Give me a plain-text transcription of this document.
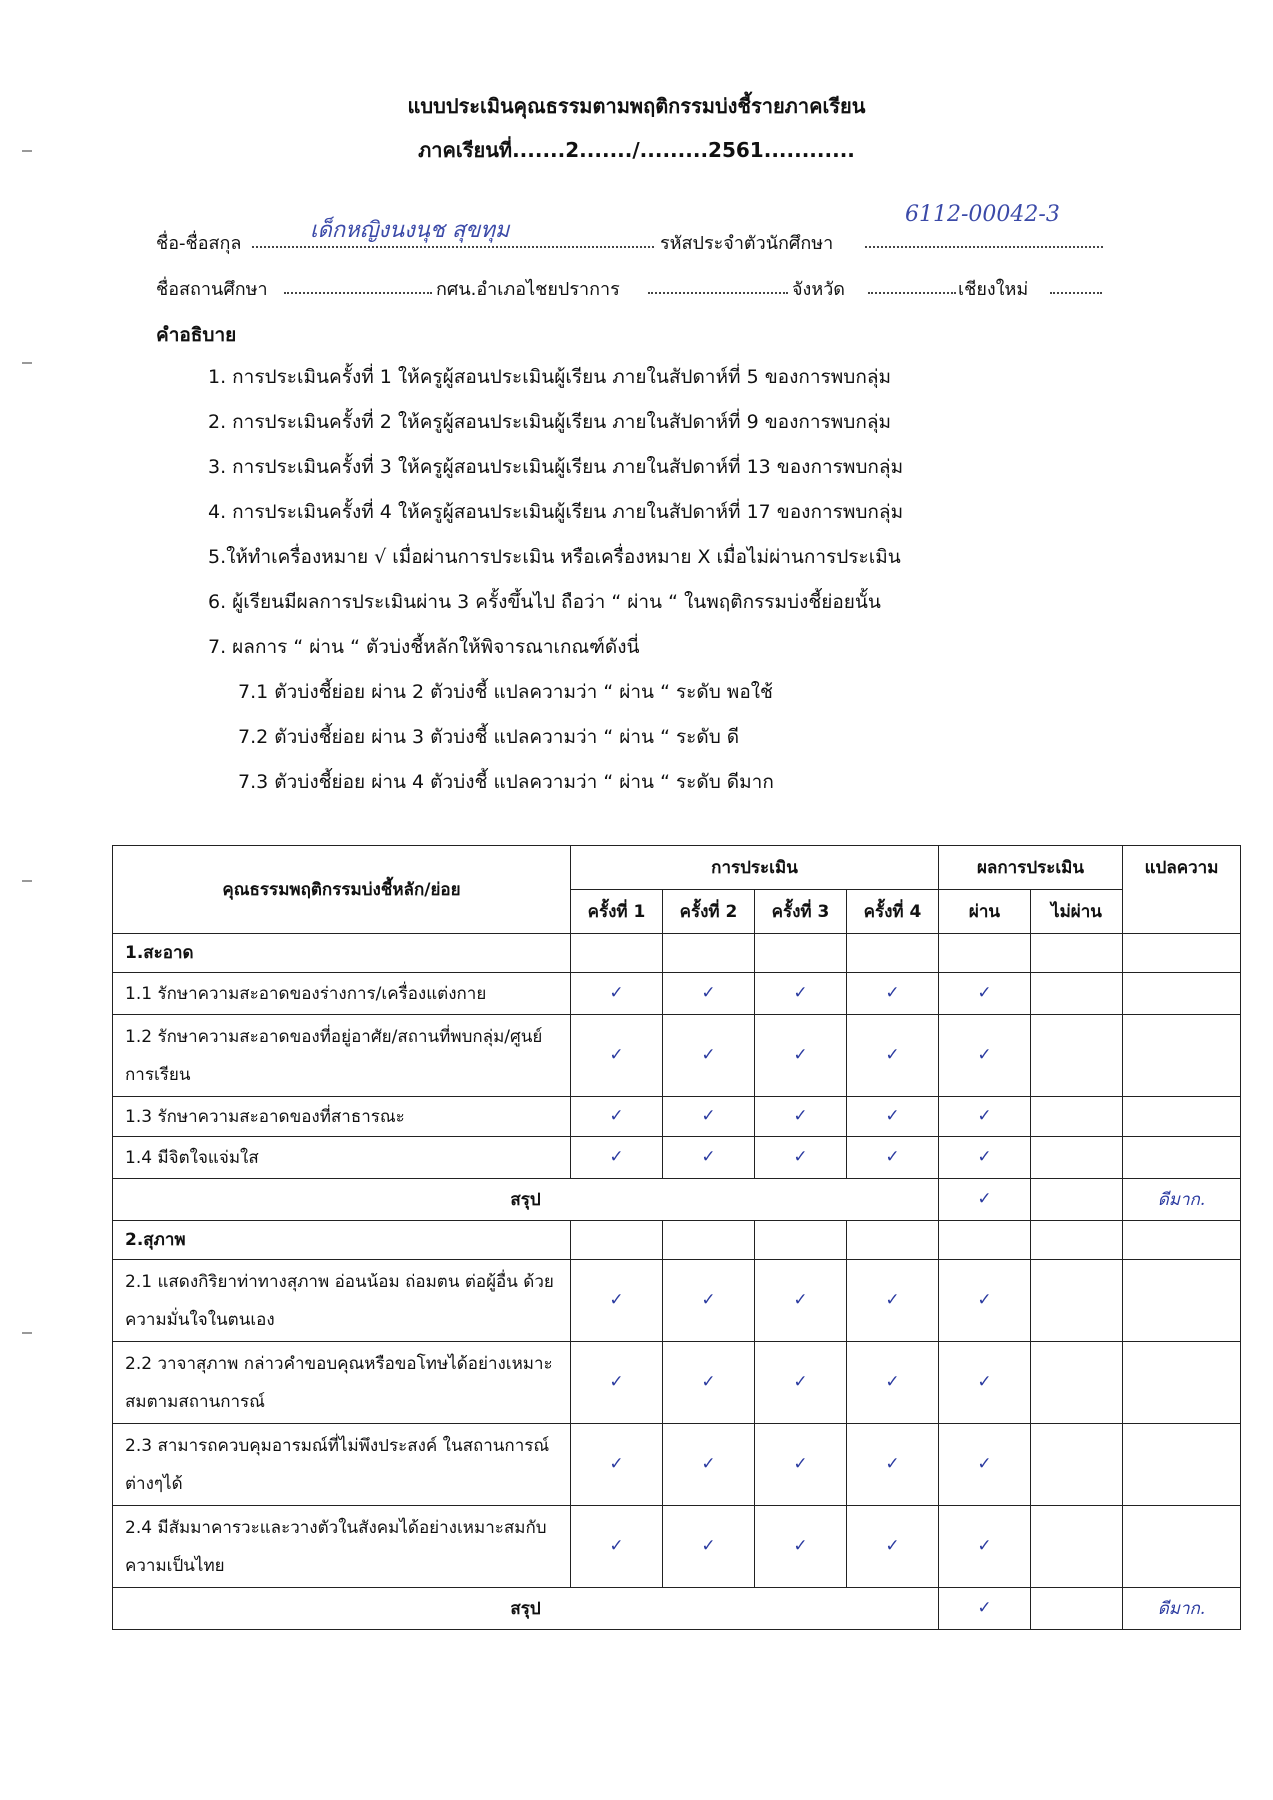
แบบประเมินคุณธรรมตามพฤติกรรมบ่งชี้รายภาคเรียน
ภาคเรียนที่.......2......./.........2561............
ชื่อ-ชื่อสกุล
เด็กหญิงนงนุช สุขทุม
รหัสประจำตัวนักศึกษา
6112-00042-3
ชื่อสถานศึกษา	กศน.อำเภอไชยปราการ	จังหวัด	เชียงใหม่
คำอธิบาย
1. การประเมินครั้งที่ 1 ให้ครูผู้สอนประเมินผู้เรียน ภายในสัปดาห์ที่ 5 ของการพบกลุ่ม
2. การประเมินครั้งที่ 2 ให้ครูผู้สอนประเมินผู้เรียน ภายในสัปดาห์ที่ 9 ของการพบกลุ่ม
3. การประเมินครั้งที่ 3 ให้ครูผู้สอนประเมินผู้เรียน ภายในสัปดาห์ที่ 13 ของการพบกลุ่ม
4. การประเมินครั้งที่ 4 ให้ครูผู้สอนประเมินผู้เรียน ภายในสัปดาห์ที่ 17 ของการพบกลุ่ม
5.ให้ทำเครื่องหมาย √ เมื่อผ่านการประเมิน หรือเครื่องหมาย X เมื่อไม่ผ่านการประเมิน
6. ผู้เรียนมีผลการประเมินผ่าน 3 ครั้งขึ้นไป ถือว่า “ ผ่าน “ ในพฤติกรรมบ่งชี้ย่อยนั้น
7. ผลการ “ ผ่าน “ ตัวบ่งชี้หลักให้พิจารณาเกณฑ์ดังนี่
7.1 ตัวบ่งชี้ย่อย ผ่าน 2 ตัวบ่งชี้ แปลความว่า “ ผ่าน “ ระดับ พอใช้
7.2 ตัวบ่งชี้ย่อย ผ่าน 3 ตัวบ่งชี้ แปลความว่า “ ผ่าน “ ระดับ ดี
7.3 ตัวบ่งชี้ย่อย ผ่าน 4 ตัวบ่งชี้ แปลความว่า “ ผ่าน “ ระดับ ดีมาก
คุณธรรมพฤติกรรมบ่งชี้หลัก/ย่อย	การประเมิน				ผลการประเมิน		แปลความ
	ครั้งที่ 1	ครั้งที่ 2	ครั้งที่ 3	ครั้งที่ 4	ผ่าน	ไม่ผ่าน	
1.สะอาด							
1.1 รักษาความสะอาดของร่างการ/เครื่องแต่งกาย	✓	✓	✓	✓	✓		
1.2 รักษาความสะอาดของที่อยู่อาศัย/สถานที่พบกลุ่ม/ศูนย์การเรียน	✓	✓	✓	✓	✓		
1.3 รักษาความสะอาดของที่สาธารณะ	✓	✓	✓	✓	✓		
1.4 มีจิตใจแจ่มใส	✓	✓	✓	✓	✓		
สรุป					✓		ดีมาก.
2.สุภาพ							
2.1 แสดงกิริยาท่าทางสุภาพ อ่อนน้อม ถ่อมตน ต่อผู้อื่น ด้วยความมั่นใจในตนเอง	✓	✓	✓	✓	✓		
2.2 วาจาสุภาพ กล่าวคำขอบคุณหรือขอโทษได้อย่างเหมาะสมตามสถานการณ์	✓	✓	✓	✓	✓		
2.3 สามารถควบคุมอารมณ์ที่ไม่พึงประสงค์ ในสถานการณ์ต่างๆได้	✓	✓	✓	✓	✓		
2.4 มีสัมมาคารวะและวางตัวในสังคมได้อย่างเหมาะสมกับความเป็นไทย	✓	✓	✓	✓	✓		
สรุป					✓		ดีมาก.
